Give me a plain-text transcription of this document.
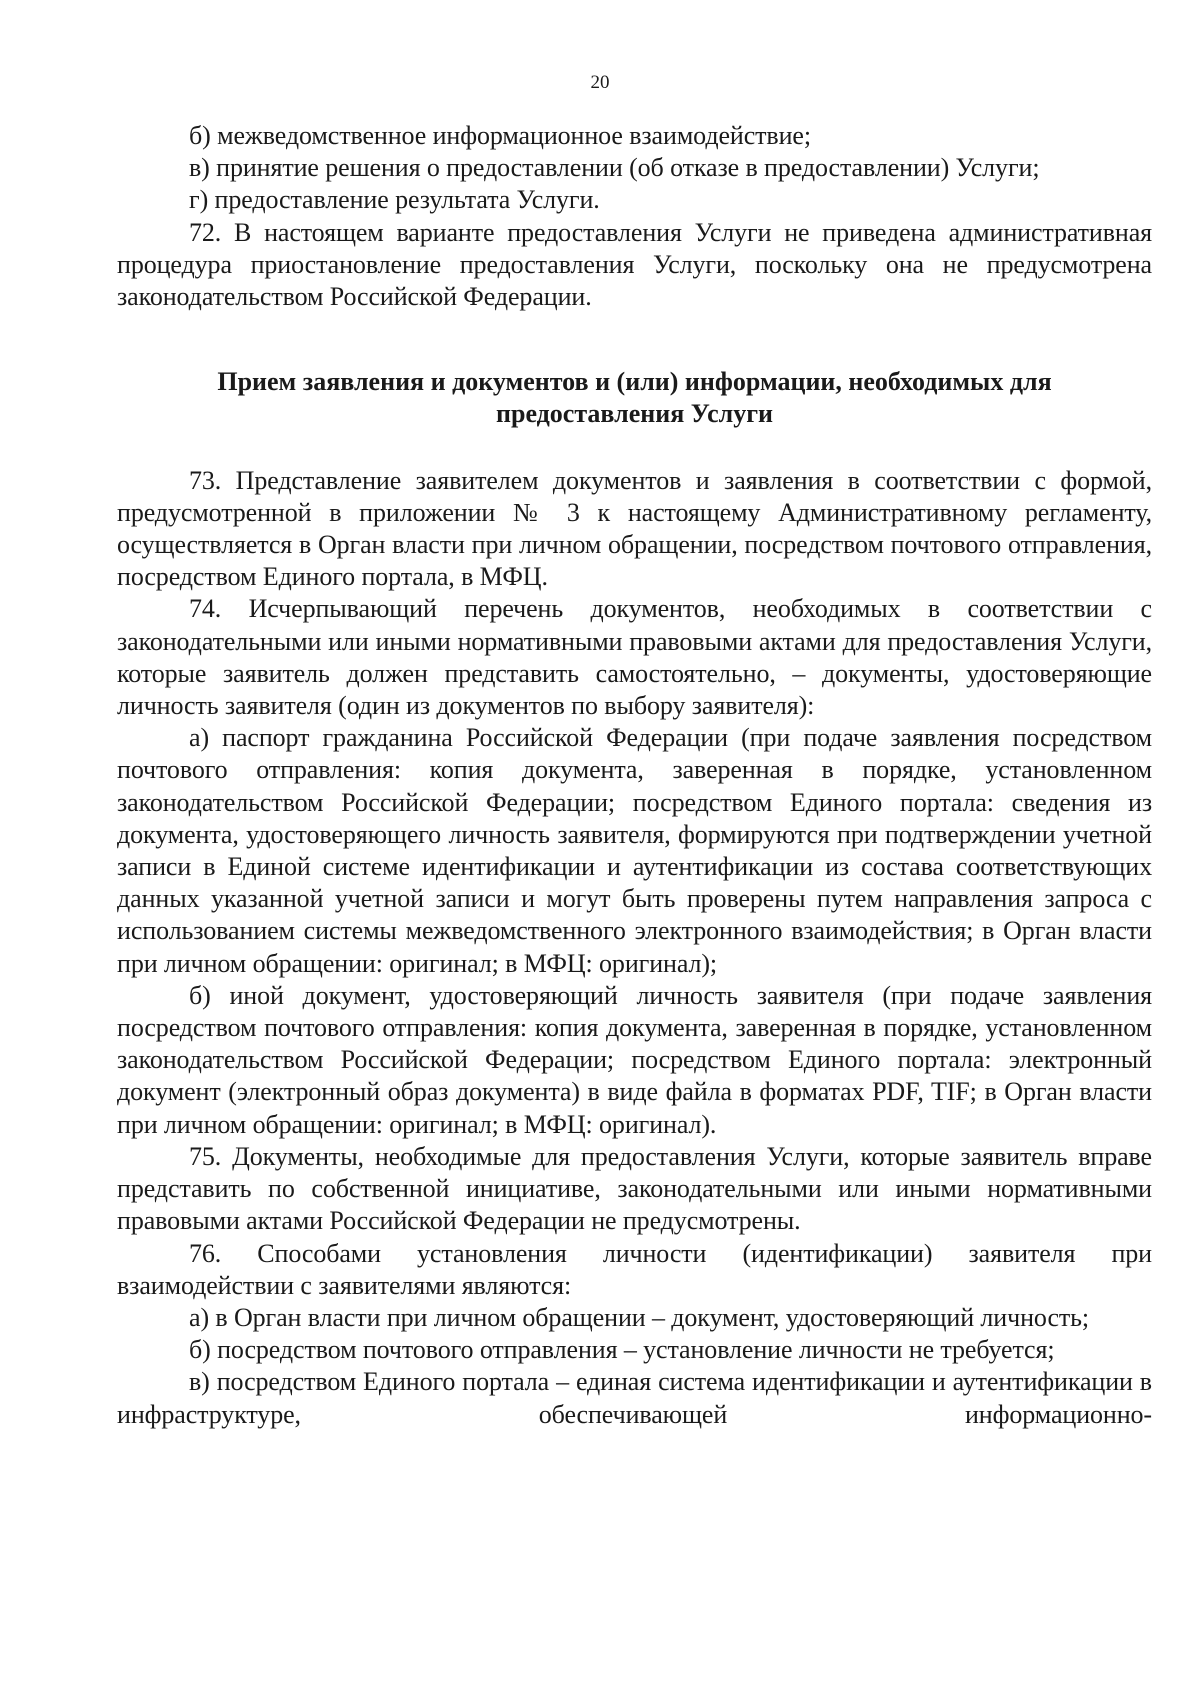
20

б) межведомственное информационное взаимодействие;

в) принятие решения о предоставлении (об отказе в предоставлении) Услуги;

г) предоставление результата Услуги.

72. В настоящем варианте предоставления Услуги не приведена административная процедура приостановление предоставления Услуги, поскольку она не предусмотрена законодательством Российской Федерации.

Прием заявления и документов и (или) информации, необходимых для предоставления Услуги

73. Представление заявителем документов и заявления в соответствии с формой, предусмотренной в приложении № 3 к настоящему Административному регламенту, осуществляется в Орган власти при личном обращении, посредством почтового отправления, посредством Единого портала, в МФЦ.

74. Исчерпывающий перечень документов, необходимых в соответствии с законодательными или иными нормативными правовыми актами для предоставления Услуги, которые заявитель должен представить самостоятельно, – документы, удостоверяющие личность заявителя (один из документов по выбору заявителя):

а) паспорт гражданина Российской Федерации (при подаче заявления посредством почтового отправления: копия документа, заверенная в порядке, установленном законодательством Российской Федерации; посредством Единого портала: сведения из документа, удостоверяющего личность заявителя, формируются при подтверждении учетной записи в Единой системе идентификации и аутентификации из состава соответствующих данных указанной учетной записи и могут быть проверены путем направления запроса с использованием системы межведомственного электронного взаимодействия; в Орган власти при личном обращении: оригинал; в МФЦ: оригинал);

б) иной документ, удостоверяющий личность заявителя (при подаче заявления посредством почтового отправления: копия документа, заверенная в порядке, установленном законодательством Российской Федерации; посредством Единого портала: электронный документ (электронный образ документа) в виде файла в форматах PDF, TIF; в Орган власти при личном обращении: оригинал; в МФЦ: оригинал).

75. Документы, необходимые для предоставления Услуги, которые заявитель вправе представить по собственной инициативе, законодательными или иными нормативными правовыми актами Российской Федерации не предусмотрены.

76. Способами установления личности (идентификации) заявителя при взаимодействии с заявителями являются:

а) в Орган власти при личном обращении – документ, удостоверяющий личность;

б) посредством почтового отправления – установление личности не требуется;

в) посредством Единого портала – единая система идентификации и аутентификации в инфраструктуре, обеспечивающей информационно-
